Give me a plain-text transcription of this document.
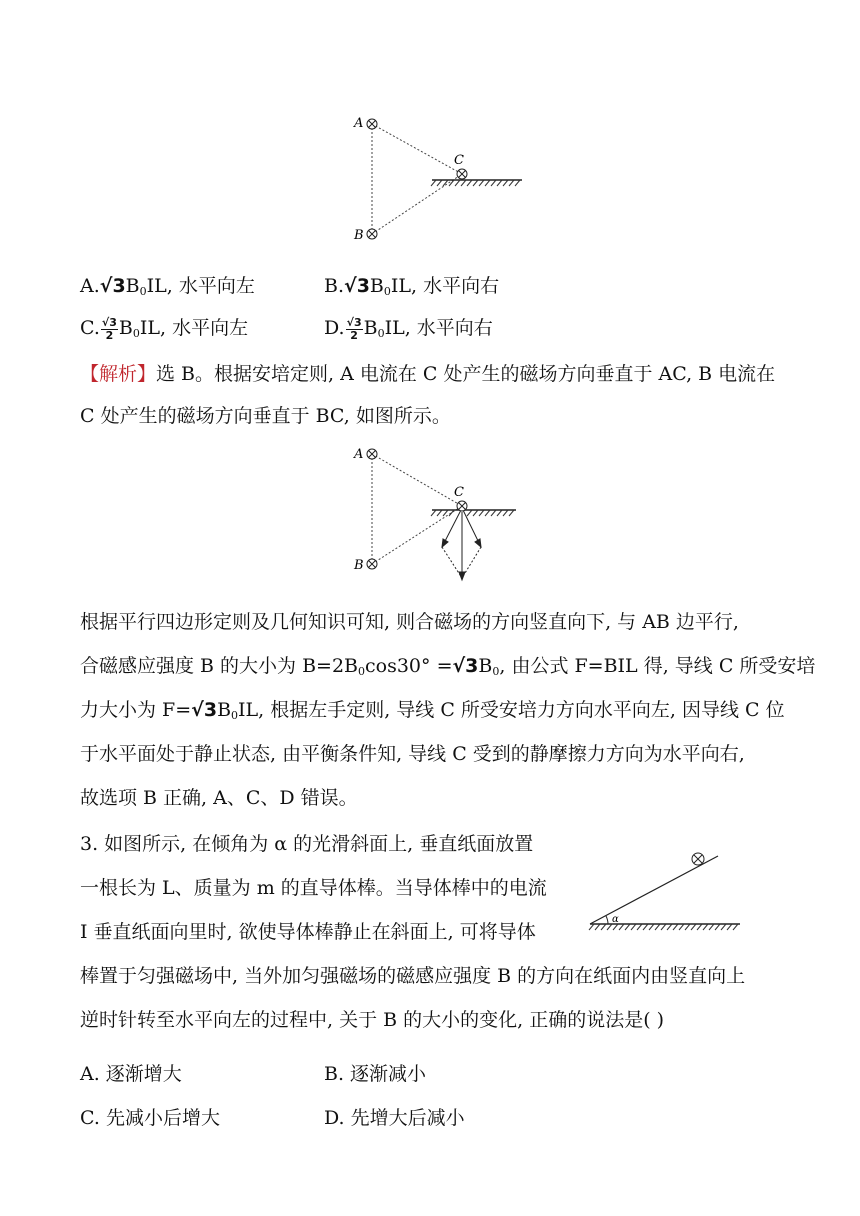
A
B
C
$A.√3B_0IL$, 水平向左	$B.√3B_0IL$, 水平向右
C. $\frac{√3}{2} B_0IL$, 水平向左	D. $\frac{√3}{2} B_0IL$, 水平向右
【解析】选 B。根据安培定则, A 电流在 C 处产生的磁场方向垂直于 AC, B 电流在
C 处产生的磁场方向垂直于 BC, 如图所示。
A
B
C
根据平行四边形定则及几何知识可知, 则合磁场的方向竖直向下, 与 AB 边平行,
合磁感应强度 B 的大小为 $B=2B_0\cos 30^\circ =√3B_0$, 由公式 F=BIL 得, 导线 C 所受安培
力大小为 $F=√3B_0IL$, 根据左手定则, 导线 C 所受安培力方向水平向左, 因导线 C 位
于水平面处于静止状态, 由平衡条件知, 导线 C 受到的静摩擦力方向为水平向右,
故选项 B 正确, A、C、D 错误。
3. 如图所示, 在倾角为 α 的光滑斜面上, 垂直纸面放置
一根长为 L、质量为 m 的直导体棒。当导体棒中的电流
I 垂直纸面向里时, 欲使导体棒静止在斜面上, 可将导体
棒置于匀强磁场中, 当外加匀强磁场的磁感应强度 B 的方向在纸面内由竖直向上
逆时针转至水平向左的过程中, 关于 B 的大小的变化, 正确的说法是( )
α
A. 逐渐增大	B. 逐渐减小
C. 先减小后增大	D. 先增大后减小
